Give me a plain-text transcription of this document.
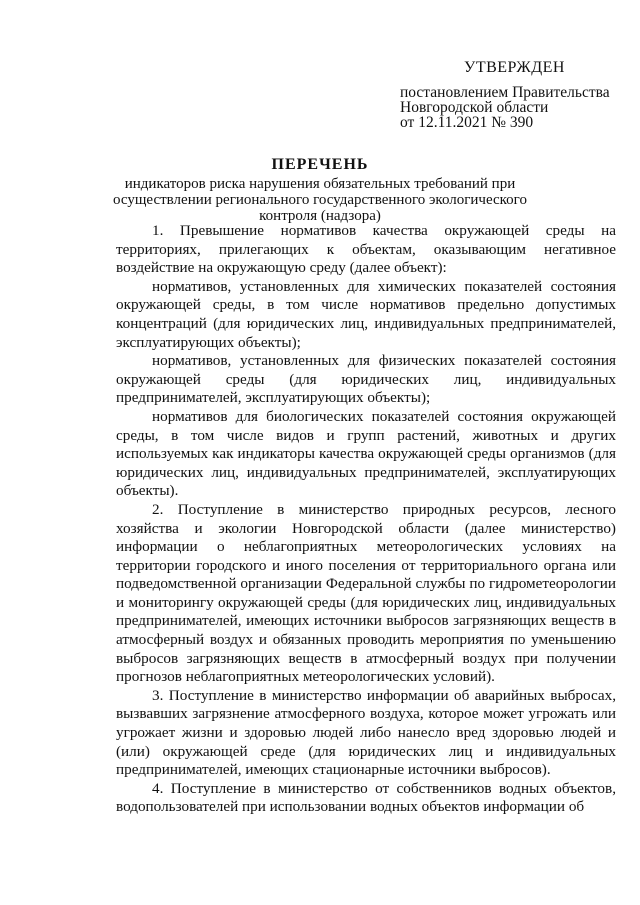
УТВЕРЖДЕН
постановлением Правительства
Новгородской области
от 12.11.2021 № 390
ПЕРЕЧЕНЬ
индикаторов риска нарушения обязательных требований при осуществлении регионального государственного экологического контроля (надзора)

1. Превышение нормативов качества окружающей среды на территориях, прилегающих к объектам, оказывающим негативное воздействие на окружающую среду (далее объект):

нормативов, установленных для химических показателей состояния окружающей среды, в том числе нормативов предельно допустимых концентраций (для юридических лиц, индивидуальных предпринимателей, эксплуатирующих объекты);

нормативов, установленных для физических показателей состояния окружающей среды (для юридических лиц, индивидуальных предпринимателей, эксплуатирующих объекты);

нормативов для биологических показателей состояния окружающей среды, в том числе видов и групп растений, животных и других используемых как индикаторы качества окружающей среды организмов (для юридических лиц, индивидуальных предпринимателей, эксплуатирующих объекты).

2. Поступление в министерство природных ресурсов, лесного хозяйства и экологии Новгородской области (далее министерство) информации о неблагоприятных метеорологических условиях на территории городского и иного поселения от территориального органа или подведомственной организации Федеральной службы по гидрометеорологии и мониторингу окружающей среды (для юридических лиц, индивидуальных предпринимателей, имеющих источники выбросов загрязняющих веществ в атмосферный воздух и обязанных проводить мероприятия по уменьшению выбросов загрязняющих веществ в атмосферный воздух при получении прогнозов неблагоприятных метеорологических условий).

3. Поступление в министерство информации об аварийных выбросах, вызвавших загрязнение атмосферного воздуха, которое может угрожать или угрожает жизни и здоровью людей либо нанесло вред здоровью людей и (или) окружающей среде (для юридических лиц и индивидуальных предпринимателей, имеющих стационарные источники выбросов).

4. Поступление в министерство от собственников водных объектов, водопользователей при использовании водных объектов информации об
